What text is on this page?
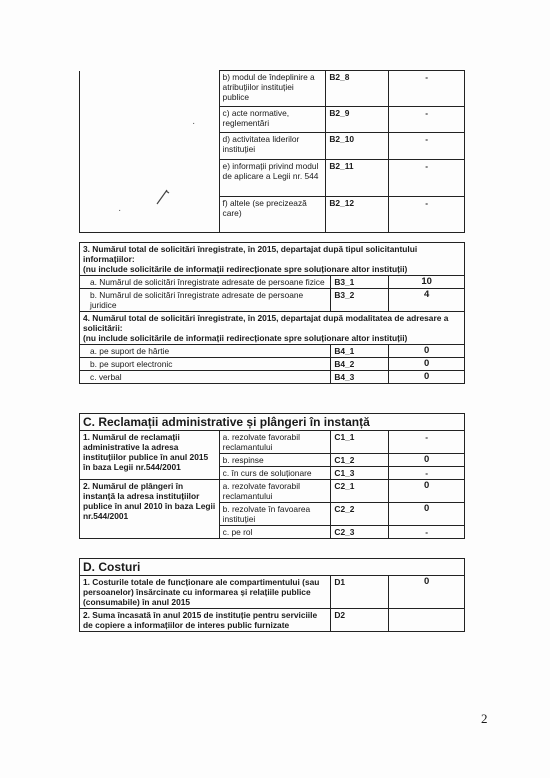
	b) modul de îndeplinire a atribuțiilor instituției publice	B2_8	-
	c) acte normative, reglementări	B2_9	-
	d) activitatea liderilor instituției	B2_10	-
	e) informații privind modul de aplicare a Legii nr. 544	B2_11	-
	f) altele (se precizează care)	B2_12	-
3. Numărul total de solicitări înregistrate, în 2015, departajat după tipul solicitantului informațiilor:
(nu include solicitările de informații redirecționate spre soluționare altor instituții)		
a. Numărul de solicitări înregistrate adresate de persoane fizice	B3_1	10
b. Numărul de solicitări înregistrate adresate de persoane juridice	B3_2	4
4. Numărul total de solicitări înregistrate, în 2015, departajat după modalitatea de adresare a solicitării:
(nu include solicitările de informații redirecționate spre soluționare altor instituții)		
a. pe suport de hârtie	B4_1	0
b. pe suport electronic	B4_2	0
c. verbal	B4_3	0
C. Reclamații administrative și plângeri în instanță			
1. Numărul de reclamații administrative la adresa instituțiilor publice în anul 2015 în baza Legii nr.544/2001	a. rezolvate favorabil reclamantului	C1_1	-
	b. respinse	C1_2	0
	c. în curs de soluționare	C1_3	-
2. Numărul de plângeri în instanță la adresa instituțiilor publice în anul 2010 în baza Legii nr.544/2001	a. rezolvate favorabil reclamantului	C2_1	0
	b. rezolvate în favoarea instituției	C2_2	0
	c. pe rol	C2_3	-
D. Costuri		
1. Costurile totale de funcționare ale compartimentului (sau persoanelor) însărcinate cu informarea și relațiile publice (consumabile) în anul 2015	D1	0
2. Suma încasată în anul 2015 de instituție pentru serviciile de copiere a informațiilor de interes public furnizate	D2	
·
·
2
